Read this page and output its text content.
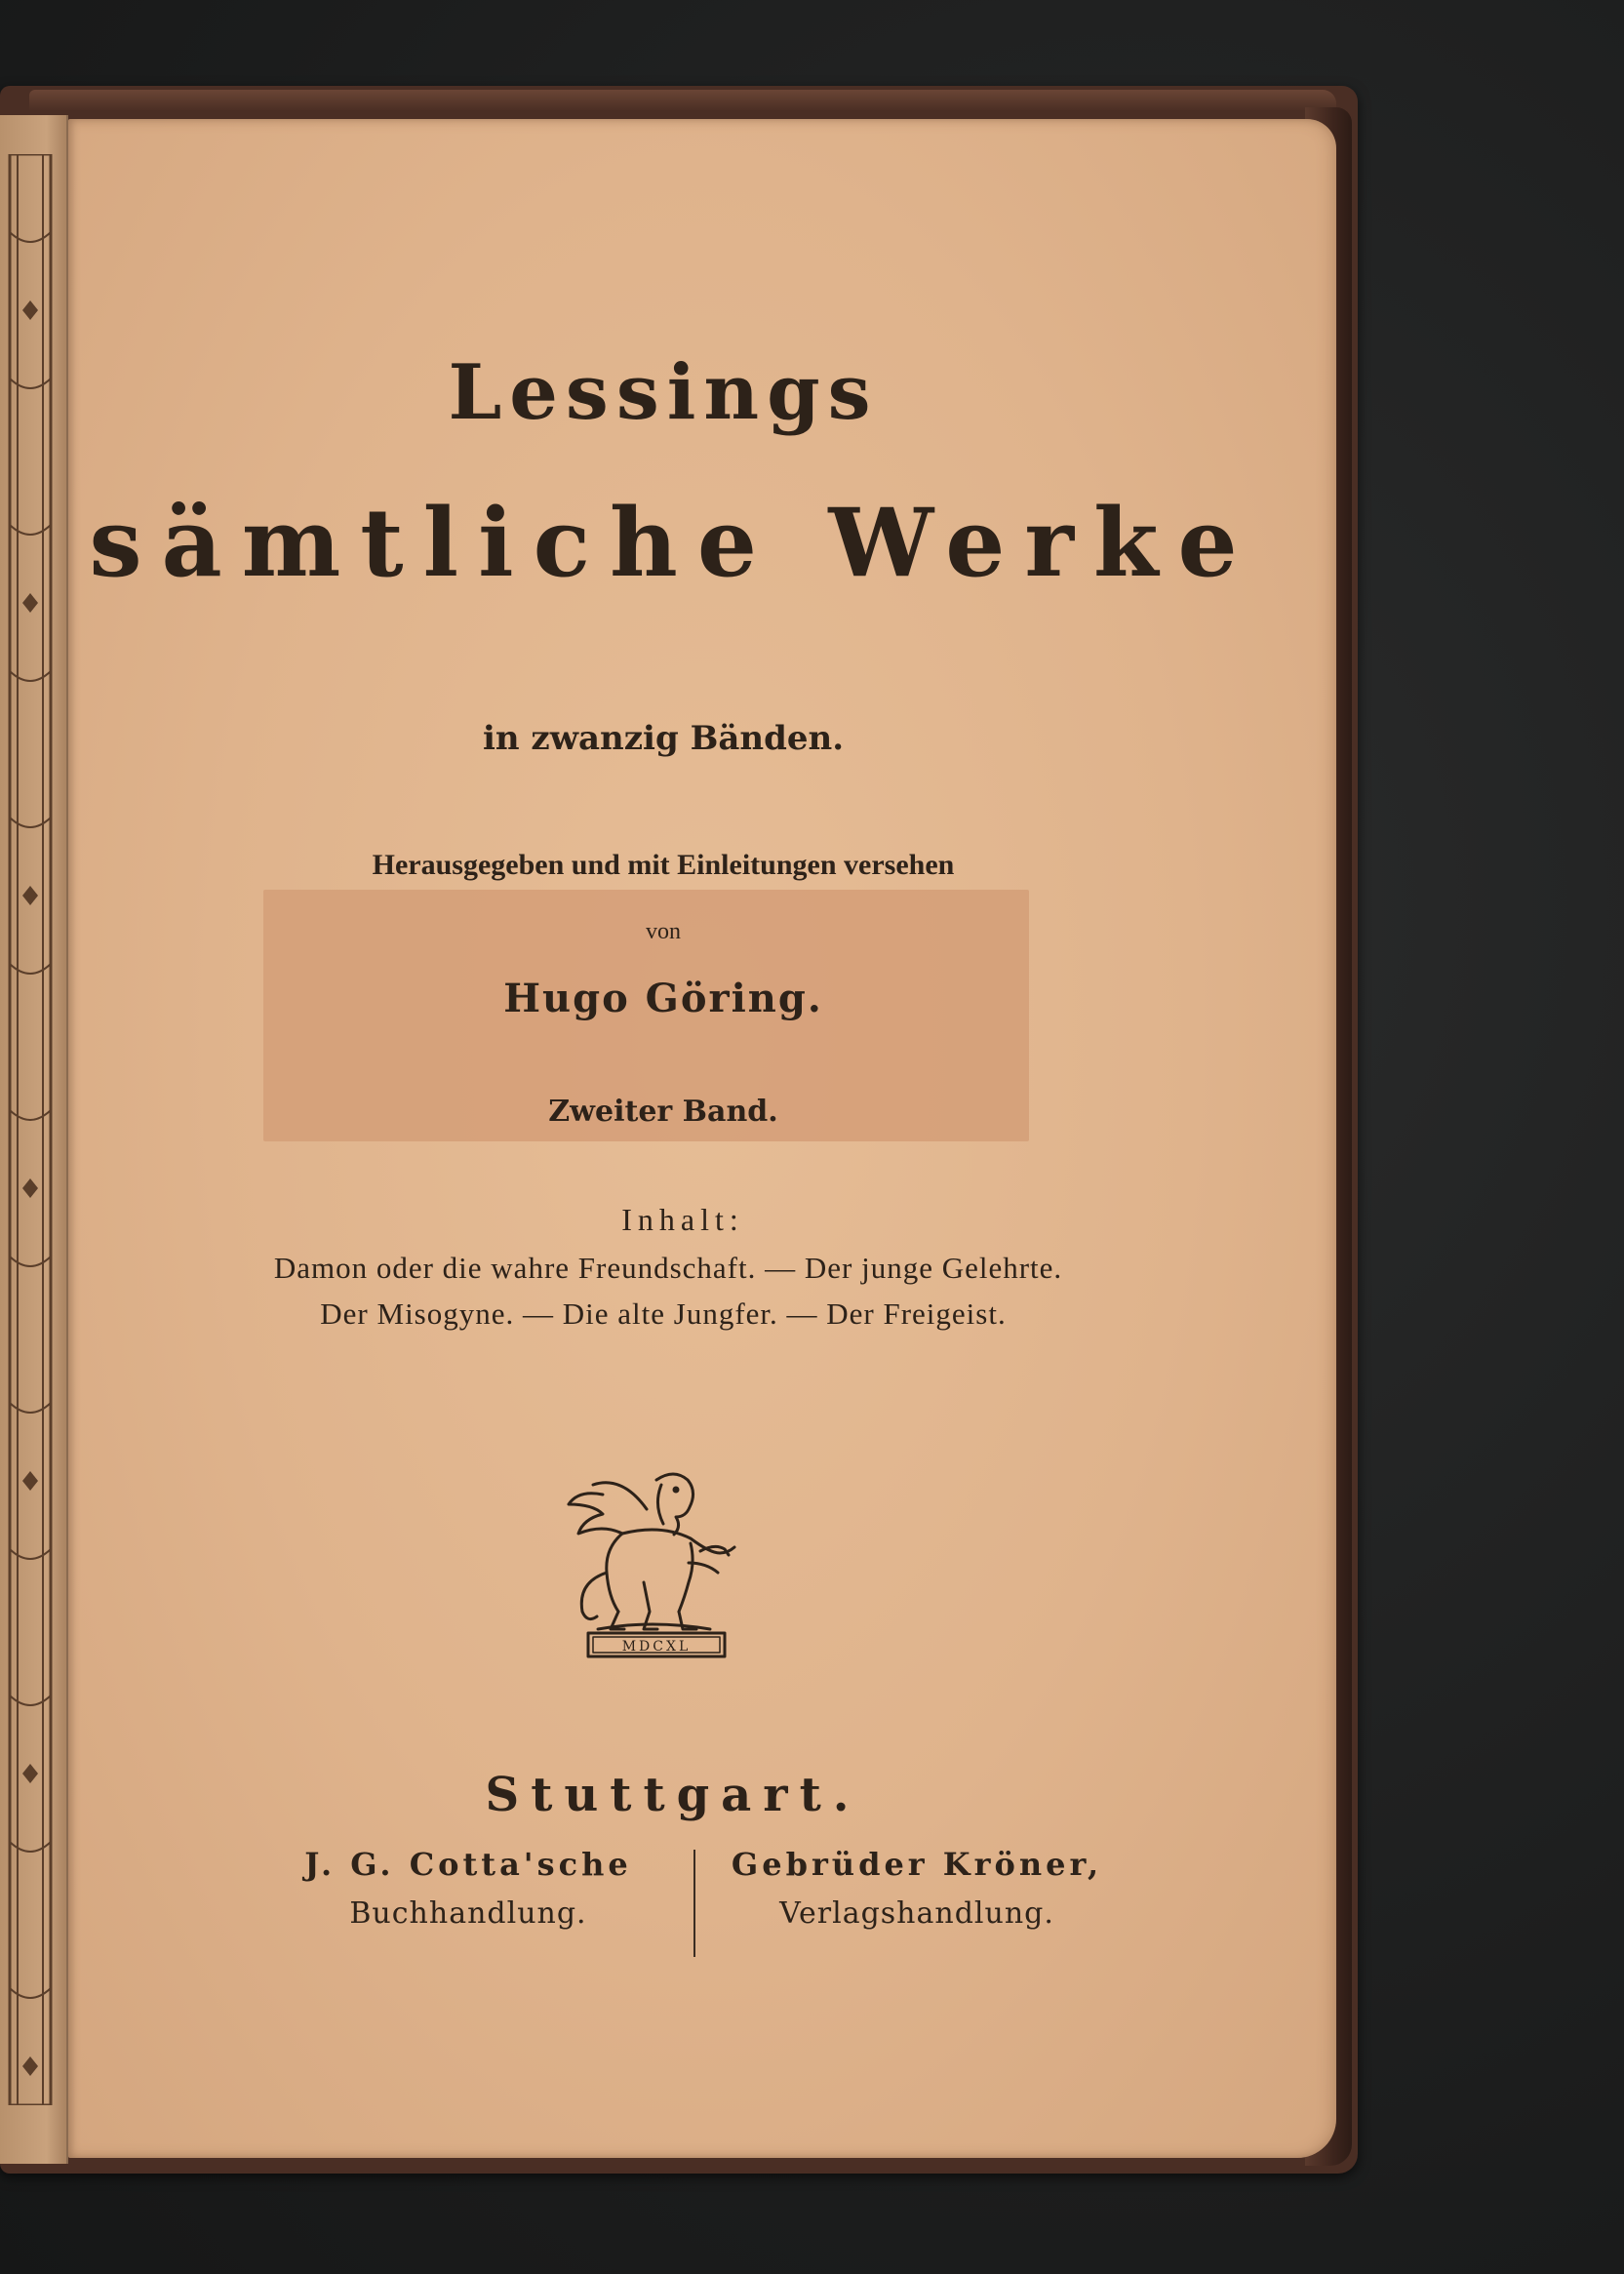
Lessings
sämtliche Werke
in zwanzig Bänden.
Herausgegeben und mit Einleitungen versehen
von
Hugo Göring.
Zweiter Band.
Inhalt:
Damon oder die wahre Freundschaft. — Der junge Gelehrte.
Der Misogyne. — Die alte Jungfer. — Der Freigeist.
MDCXL
Stuttgart.
J. G. Cotta'sche
Buchhandlung.
Gebrüder Kröner,
Verlagshandlung.
